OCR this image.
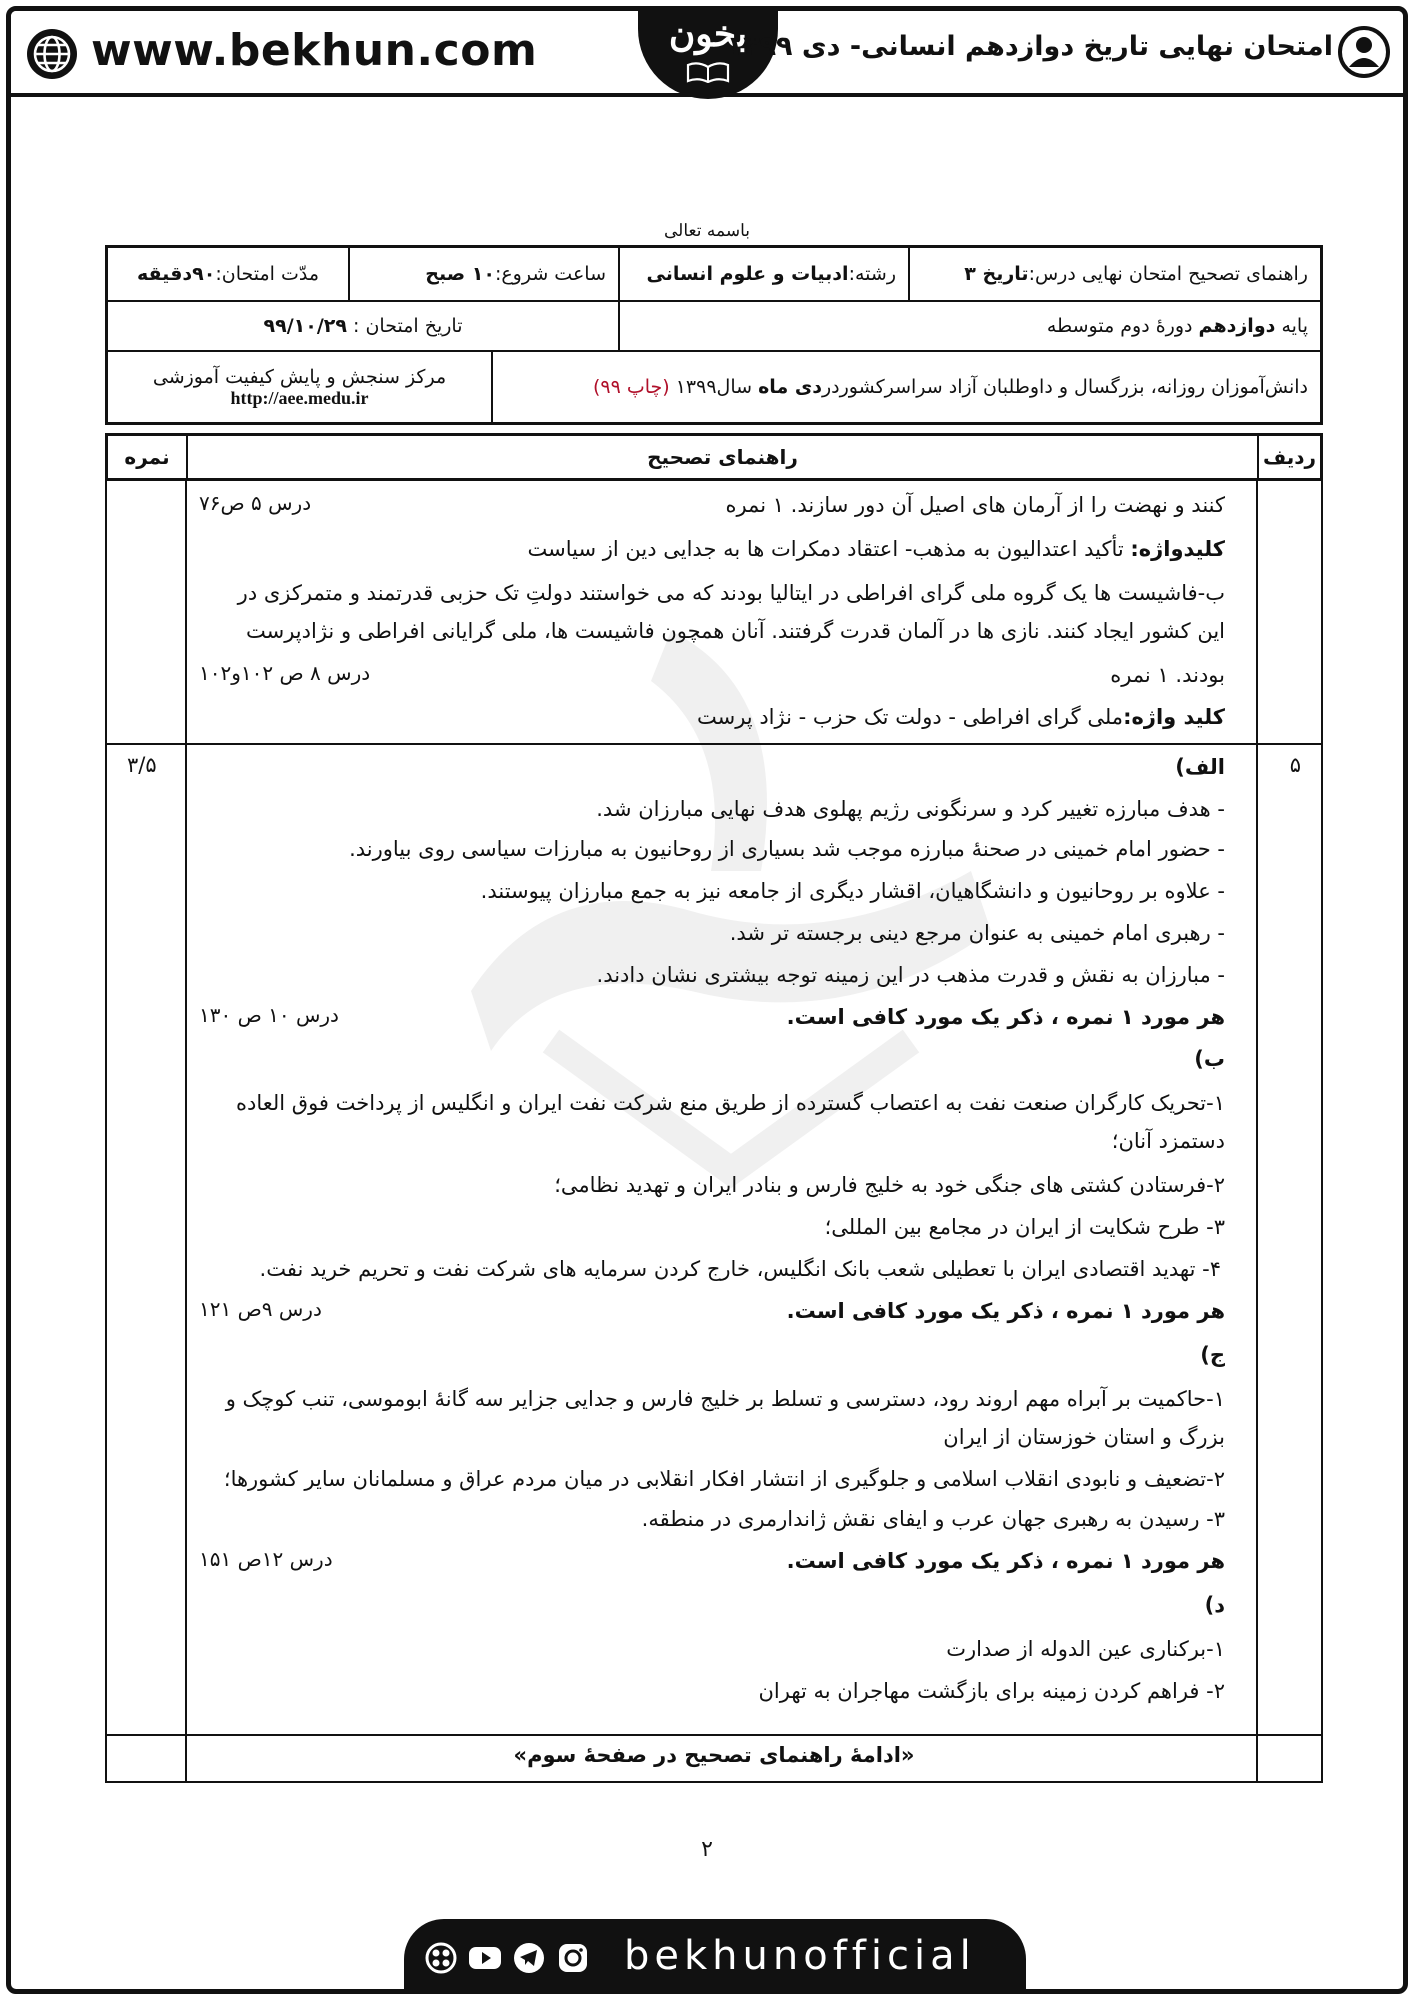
www.bekhun.com	بخون
امتحان نهایی تاریخ دوازدهم انسانی- دی ۱۳۹۹
باسمه تعالی
راهنمای تصحیح امتحان نهایی درس:
تاریخ ۳
رشته:
ادبیات و علوم انسانی
ساعت شروع:
۱۰ صبح
مدّت امتحان:
۹۰دقیقه
پایه

دوازدهم

دورۀ دوم متوسطه
تاریخ امتحان :

۹۹/۱۰/۲۹
دانش‌آموزان روزانه، بزرگسال و داوطلبان آزاد سراسرکشوردر
دی ماه

سال۱۳۹۹

(چاپ ۹۹)
مرکز سنجش و پایش کیفیت آموزشی
http://aee.medu.ir
ردیف
راهنمای تصحیح
نمره
کنند و نهضت را از آرمان های اصیل آن دور سازند. ۱ نمره
درس ۵ ص۷۶
کلیدواژه: تأکید اعتدالیون به مذهب- اعتقاد دمکرات ها به جدایی دین از سیاست
ب-فاشیست ها یک گروه ملی گرای افراطی در ایتالیا بودند که می خواستند دولتِ تک حزبی قدرتمند و متمرکزی در
این کشور ایجاد کنند. نازی ها در آلمان قدرت گرفتند. آنان همچون فاشیست ها، ملی گرایانی افراطی و نژادپرست
بودند. ۱ نمره
درس ۸ ص ۱۰۲و۱۰۲
کلید واژه:ملی گرای افراطی - دولت تک حزب - نژاد پرست
۵
۳/۵	الف)
- هدف مبارزه تغییر کرد و سرنگونی رژیم پهلوی هدف نهایی مبارزان شد.
- حضور امام خمینی در صحنۀ مبارزه موجب شد بسیاری از روحانیون به مبارزات سیاسی روی بیاورند.
- علاوه بر روحانیون و دانشگاهیان، اقشار دیگری از جامعه نیز به جمع مبارزان پیوستند.
- رهبری امام خمینی به عنوان مرجع دینی برجسته تر شد.
- مبارزان به نقش و قدرت مذهب در این زمینه توجه بیشتری نشان دادند.
هر مورد ۱ نمره ، ذکر یک مورد کافی است.
درس ۱۰ ص ۱۳۰
ب)
۱-تحریک کارگران صنعت نفت به اعتصاب گسترده از طریق منع شرکت نفت ایران و انگلیس از پرداخت فوق العاده
دستمزد آنان؛
۲-فرستادن کشتی های جنگی خود به خلیج فارس و بنادر ایران و تهدید نظامی؛
۳- طرح شکایت از ایران در مجامع بین المللی؛
۴- تهدید اقتصادی ایران با تعطیلی شعب بانک انگلیس، خارج کردن سرمایه های شرکت نفت و تحریم خرید نفت.
هر مورد ۱ نمره ، ذکر یک مورد کافی است.
درس ۹ص ۱۲۱
ج)
۱-حاکمیت بر آبراه مهم اروند رود، دسترسی و تسلط بر خلیج فارس و جدایی جزایر سه گانۀ ابوموسی، تنب کوچک و
بزرگ و استان خوزستان از ایران
۲-تضعیف و نابودی انقلاب اسلامی و جلوگیری از انتشار افکار انقلابی در میان مردم عراق و مسلمانان سایر کشورها؛
۳- رسیدن به رهبری جهان عرب و ایفای نقش ژاندارمری در منطقه.
هر مورد ۱ نمره ، ذکر یک مورد کافی است.
درس ۱۲ص ۱۵۱
د)
۱-برکناری عین الدوله از صدارت
۲- فراهم کردن زمینه برای بازگشت مهاجران به تهران
«ادامۀ راهنمای تصحیح در صفحۀ سوم»
۲
bekhunofficial
